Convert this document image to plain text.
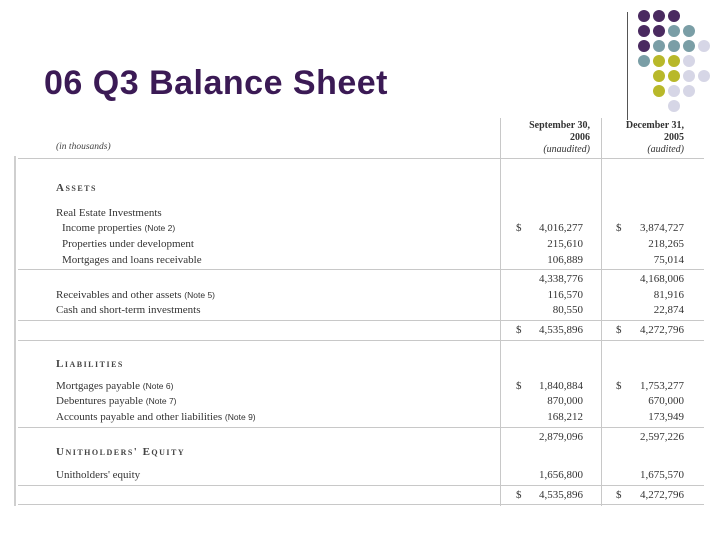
06 Q3 Balance Sheet
September 30,
2006
(unaudited)
December 31,
2005
(audited)
(in thousands)
Assets
Real Estate Investments
Income properties (Note 2)	$ 4,016,277	$ 3,874,727
Properties under development	215,610	218,265
Mortgages and loans receivable	106,889	75,014
4,338,776	4,168,006
Receivables and other assets (Note 5)	116,570	81,916
Cash and short-term investments	80,550	22,874
$ 4,535,896	$ 4,272,796
Liabilities
Mortgages payable (Note 6)	$ 1,840,884	$ 1,753,277
Debentures payable (Note 7)	870,000	670,000
Accounts payable and other liabilities (Note 9)	168,212	173,949
2,879,096	2,597,226
Unitholders' Equity
Unitholders' equity	1,656,800	1,675,570
$ 4,535,896	$ 4,272,796
